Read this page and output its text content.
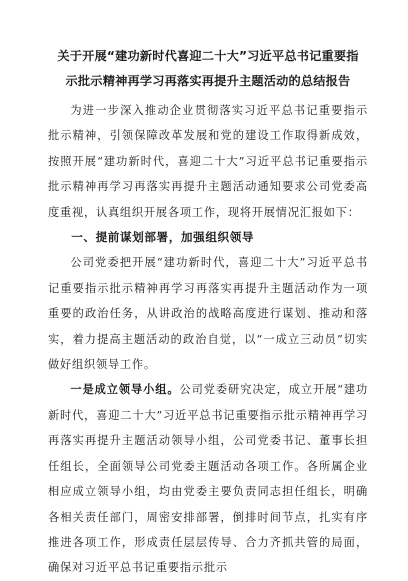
关于开展“建功新时代喜迎二十大”习近平总书记重要指
示批示精神再学习再落实再提升主题活动的总结报告

为进一步深入推动企业贯彻落实习近平总书记重要指示批示精神，引领保障改革发展和党的建设工作取得新成效，按照开展“建功新时代，喜迎二十大”习近平总书记重要指示批示精神再学习再落实再提升主题活动通知要求公司党委高度重视，认真组织开展各项工作，现将开展情况汇报如下：

一、提前谋划部署，加强组织领导

公司党委把开展“建功新时代，喜迎二十大”习近平总书记重要指示批示精神再学习再落实再提升主题活动作为一项重要的政治任务，从讲政治的战略高度进行谋划、推动和落实，着力提高主题活动的政治自觉，以“一成立三动员”切实做好组织领导工作。

一是成立领导小组。公司党委研究决定，成立开展“建功新时代，喜迎二十大”习近平总书记重要指示批示精神再学习再落实再提升主题活动领导小组，公司党委书记、董事长担任组长，全面领导公司党委主题活动各项工作。各所属企业相应成立领导小组，均由党委主要负责同志担任组长，明确各相关责任部门，周密安排部署，倒排时间节点，扎实有序推进各项工作，形成责任层层传导、合力齐抓共管的局面，确保对习近平总书记重要指示批示
